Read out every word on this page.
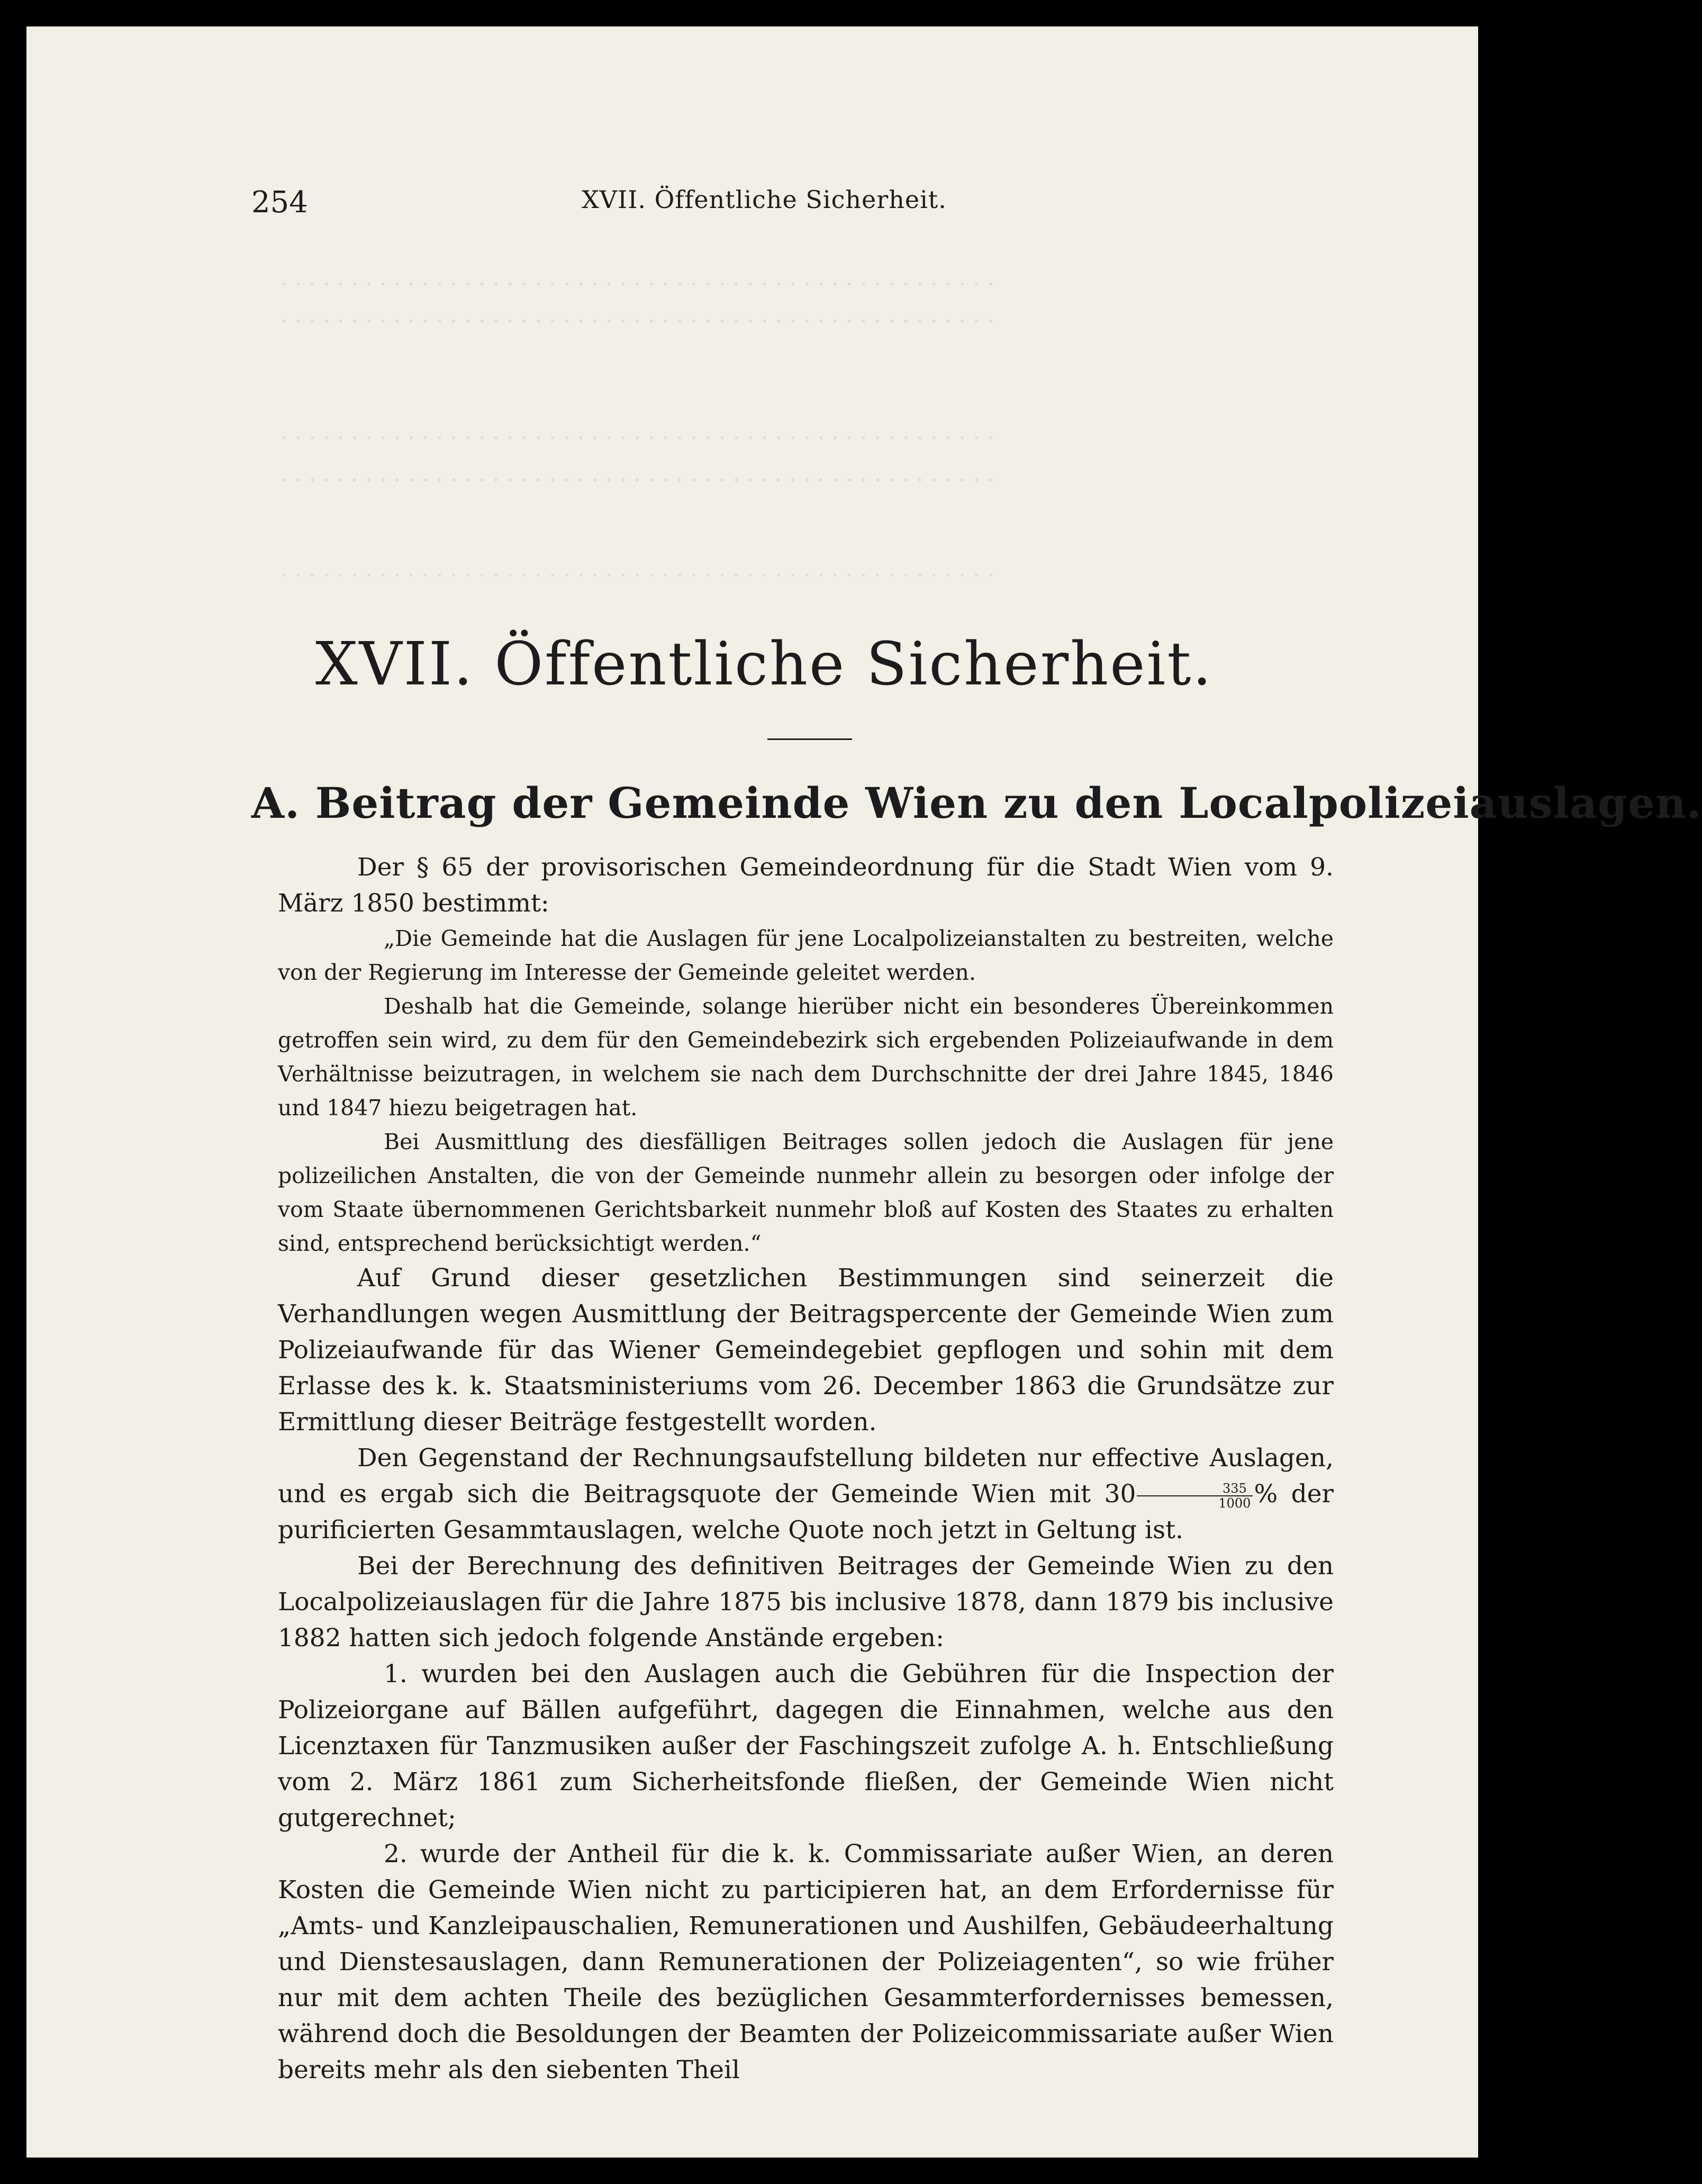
. . . . . . . . . . . . . . . . . . . . . . . . . . . . . . . . . . . . . . . . . . . . . . . . . . .
. . . . . . . . . . . . . . . . . . . . . . . . . . . . . . . . . . . . . . . . . . . . . . . . . . .
. . . . . . . . . . . . . . . . . . . . . . . . . . . . . . . . . . . . . . . . . . . . . . . . . . .
. . . . . . . . . . . . . . . . . . . . . . . . . . . . . . . . . . . . . . . . . . . . . . . . . . .
. . . . . . . . . . . . . . . . . . . . . . . . . . . . . . . . . . . . . . . . . . . . . . . . . . .
254	XVII. Öffentliche Sicherheit.
XVII. Öffentliche Sicherheit.
A. Beitrag der Gemeinde Wien zu den Localpolizeiauslagen.

Der § 65 der provisorischen Gemeindeordnung für die Stadt Wien vom 9. März 1850 bestimmt:

„Die Gemeinde hat die Auslagen für jene Localpolizeianstalten zu bestreiten, welche von der Regierung im Interesse der Gemeinde geleitet werden.

Deshalb hat die Gemeinde, solange hierüber nicht ein besonderes Übereinkommen getroffen sein wird, zu dem für den Gemeindebezirk sich ergebenden Polizeiaufwande in dem Verhältnisse beizutragen, in welchem sie nach dem Durchschnitte der drei Jahre 1845, 1846 und 1847 hiezu beigetragen hat.

Bei Ausmittlung des diesfälligen Beitrages sollen jedoch die Auslagen für jene polizeilichen Anstalten, die von der Gemeinde nunmehr allein zu besorgen oder infolge der vom Staate übernommenen Gerichtsbarkeit nunmehr bloß auf Kosten des Staates zu erhalten sind, entsprechend berücksichtigt werden.“

Auf Grund dieser gesetzlichen Bestimmungen sind seinerzeit die Verhandlungen wegen Ausmittlung der Beitragspercente der Gemeinde Wien zum Polizeiaufwande für das Wiener Gemeindegebiet gepflogen und sohin mit dem Erlasse des k. k. Staatsministeriums vom 26. December 1863 die Grundsätze zur Ermittlung dieser Beiträge festgestellt worden.

Den Gegenstand der Rechnungsaufstellung bildeten nur effective Auslagen, und es ergab sich die Beitragsquote der Gemeinde Wien mit $30 \frac{335}{1000}$ % der purificierten Gesammtauslagen, welche Quote noch jetzt in Geltung ist.

Bei der Berechnung des definitiven Beitrages der Gemeinde Wien zu den Localpolizeiauslagen für die Jahre 1875 bis inclusive 1878, dann 1879 bis inclusive 1882 hatten sich jedoch folgende Anstände ergeben:

1. wurden bei den Auslagen auch die Gebühren für die Inspection der Polizeiorgane auf Bällen aufgeführt, dagegen die Einnahmen, welche aus den Licenztaxen für Tanzmusiken außer der Faschingszeit zufolge A. h. Entschließung vom 2. März 1861 zum Sicherheitsfonde fließen, der Gemeinde Wien nicht gutgerechnet;

2. wurde der Antheil für die k. k. Commissariate außer Wien, an deren Kosten die Gemeinde Wien nicht zu participieren hat, an dem Erfordernisse für „Amts- und Kanzleipauschalien, Remunerationen und Aushilfen, Gebäudeerhaltung und Dienstesauslagen, dann Remunerationen der Polizeiagenten“, so wie früher nur mit dem achten Theile des bezüglichen Gesammterfordernisses bemessen, während doch die Besoldungen der Beamten der Polizeicommissariate außer Wien bereits mehr als den siebenten Theil
